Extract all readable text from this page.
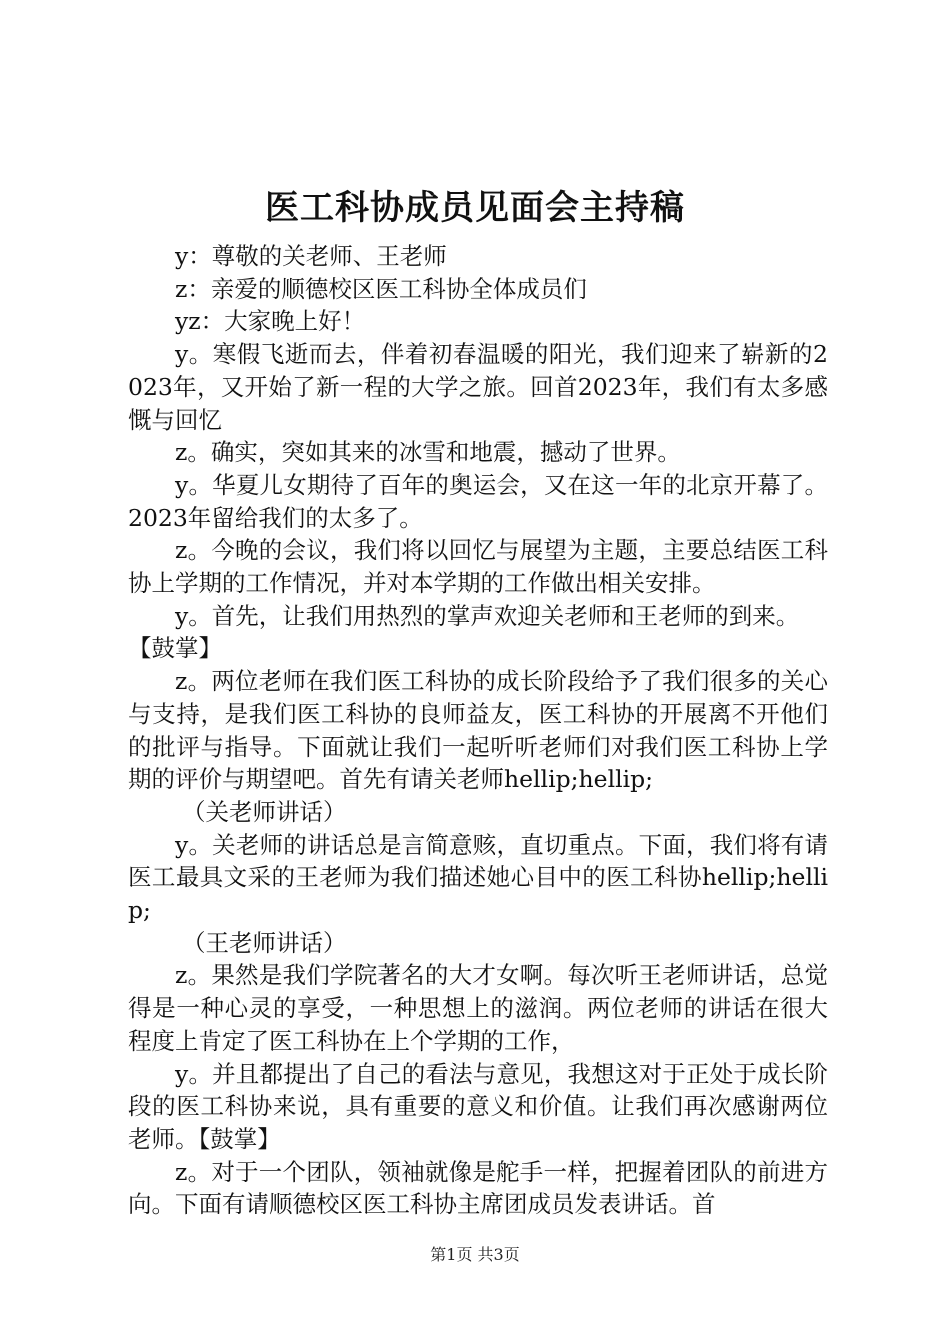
医工科协成员见面会主持稿

y：尊敬的关老师、王老师

z：亲爱的顺德校区医工科协全体成员们

yz：大家晚上好！

y。寒假飞逝而去，伴着初春温暖的阳光，我们迎来了崭新的2023年，又开始了新一程的大学之旅。回首2023年，我们有太多感慨与回忆

z。确实，突如其来的冰雪和地震，撼动了世界。

y。华夏儿女期待了百年的奥运会，又在这一年的北京开幕了。2023年留给我们的太多了。

z。今晚的会议，我们将以回忆与展望为主题，主要总结医工科协上学期的工作情况，并对本学期的工作做出相关安排。

y。首先，让我们用热烈的掌声欢迎关老师和王老师的到来。

【鼓掌】

z。两位老师在我们医工科协的成长阶段给予了我们很多的关心与支持，是我们医工科协的良师益友，医工科协的开展离不开他们的批评与指导。下面就让我们一起听听老师们对我们医工科协上学期的评价与期望吧。首先有请关老师hellip;hellip;

（关老师讲话）

y。关老师的讲话总是言简意赅，直切重点。下面，我们将有请医工最具文采的王老师为我们描述她心目中的医工科协hellip;hellip;

（王老师讲话）

z。果然是我们学院著名的大才女啊。每次听王老师讲话，总觉得是一种心灵的享受，一种思想上的滋润。两位老师的讲话在很大程度上肯定了医工科协在上个学期的工作，

y。并且都提出了自己的看法与意见，我想这对于正处于成长阶段的医工科协来说，具有重要的意义和价值。让我们再次感谢两位老师。【鼓掌】

z。对于一个团队，领袖就像是舵手一样，把握着团队的前进方向。下面有请顺德校区医工科协主席团成员发表讲话。首

第1页 共3页
